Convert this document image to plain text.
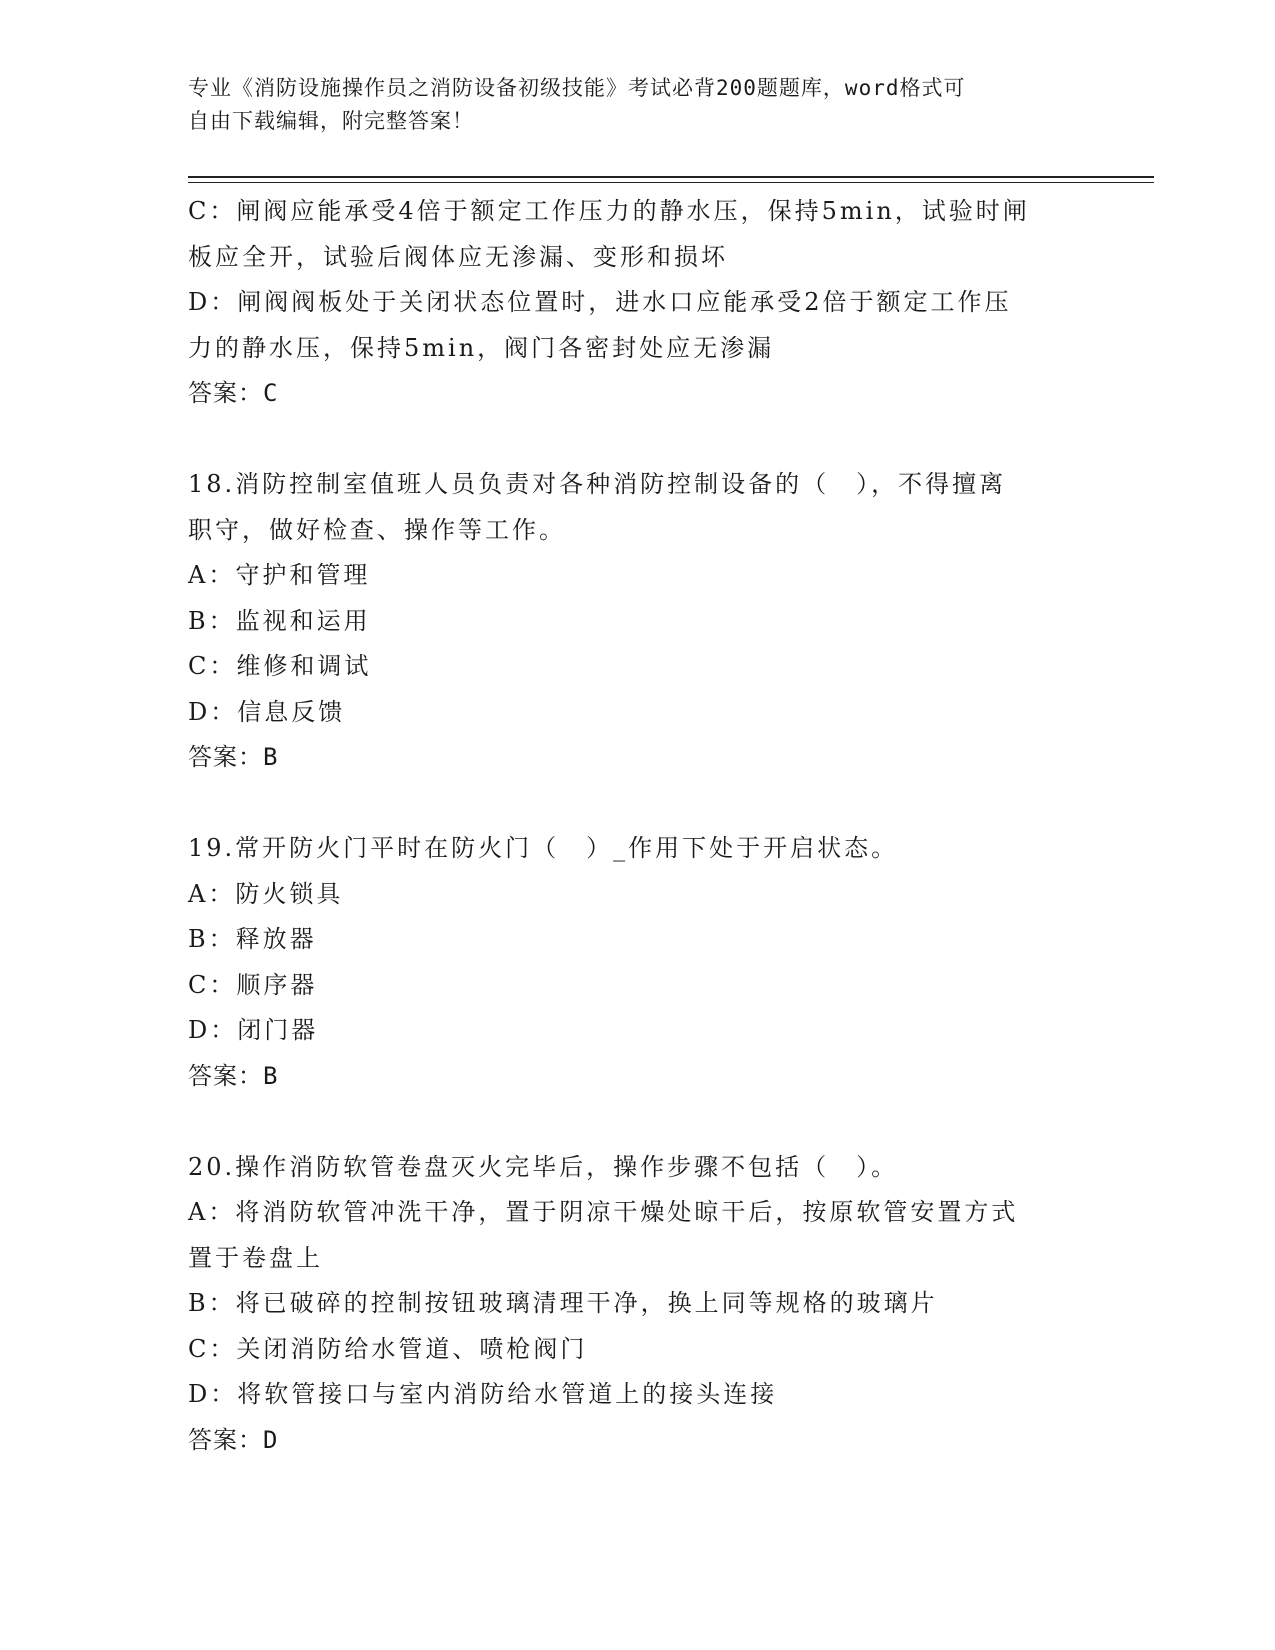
专业《消防设施操作员之消防设备初级技能》考试必背200题题库，word格式可
自由下载编辑，附完整答案！
C：闸阀应能承受4倍于额定工作压力的静水压，保持5min，试验时闸
板应全开，试验后阀体应无渗漏、变形和损坏
D：闸阀阀板处于关闭状态位置时，进水口应能承受2倍于额定工作压
力的静水压，保持5min，阀门各密封处应无渗漏
答案：C
18.消防控制室值班人员负责对各种消防控制设备的（　），不得擅离
职守，做好检查、操作等工作。
A：守护和管理
B：监视和运用
C：维修和调试
D：信息反馈
答案：B
19.常开防火门平时在防火门（　）_作用下处于开启状态。
A：防火锁具
B：释放器
C：顺序器
D：闭门器
答案：B
20.操作消防软管卷盘灭火完毕后，操作步骤不包括（　）。
A：将消防软管冲洗干净，置于阴凉干燥处晾干后，按原软管安置方式
置于卷盘上
B：将已破碎的控制按钮玻璃清理干净，换上同等规格的玻璃片
C：关闭消防给水管道、喷枪阀门
D：将软管接口与室内消防给水管道上的接头连接
答案：D
